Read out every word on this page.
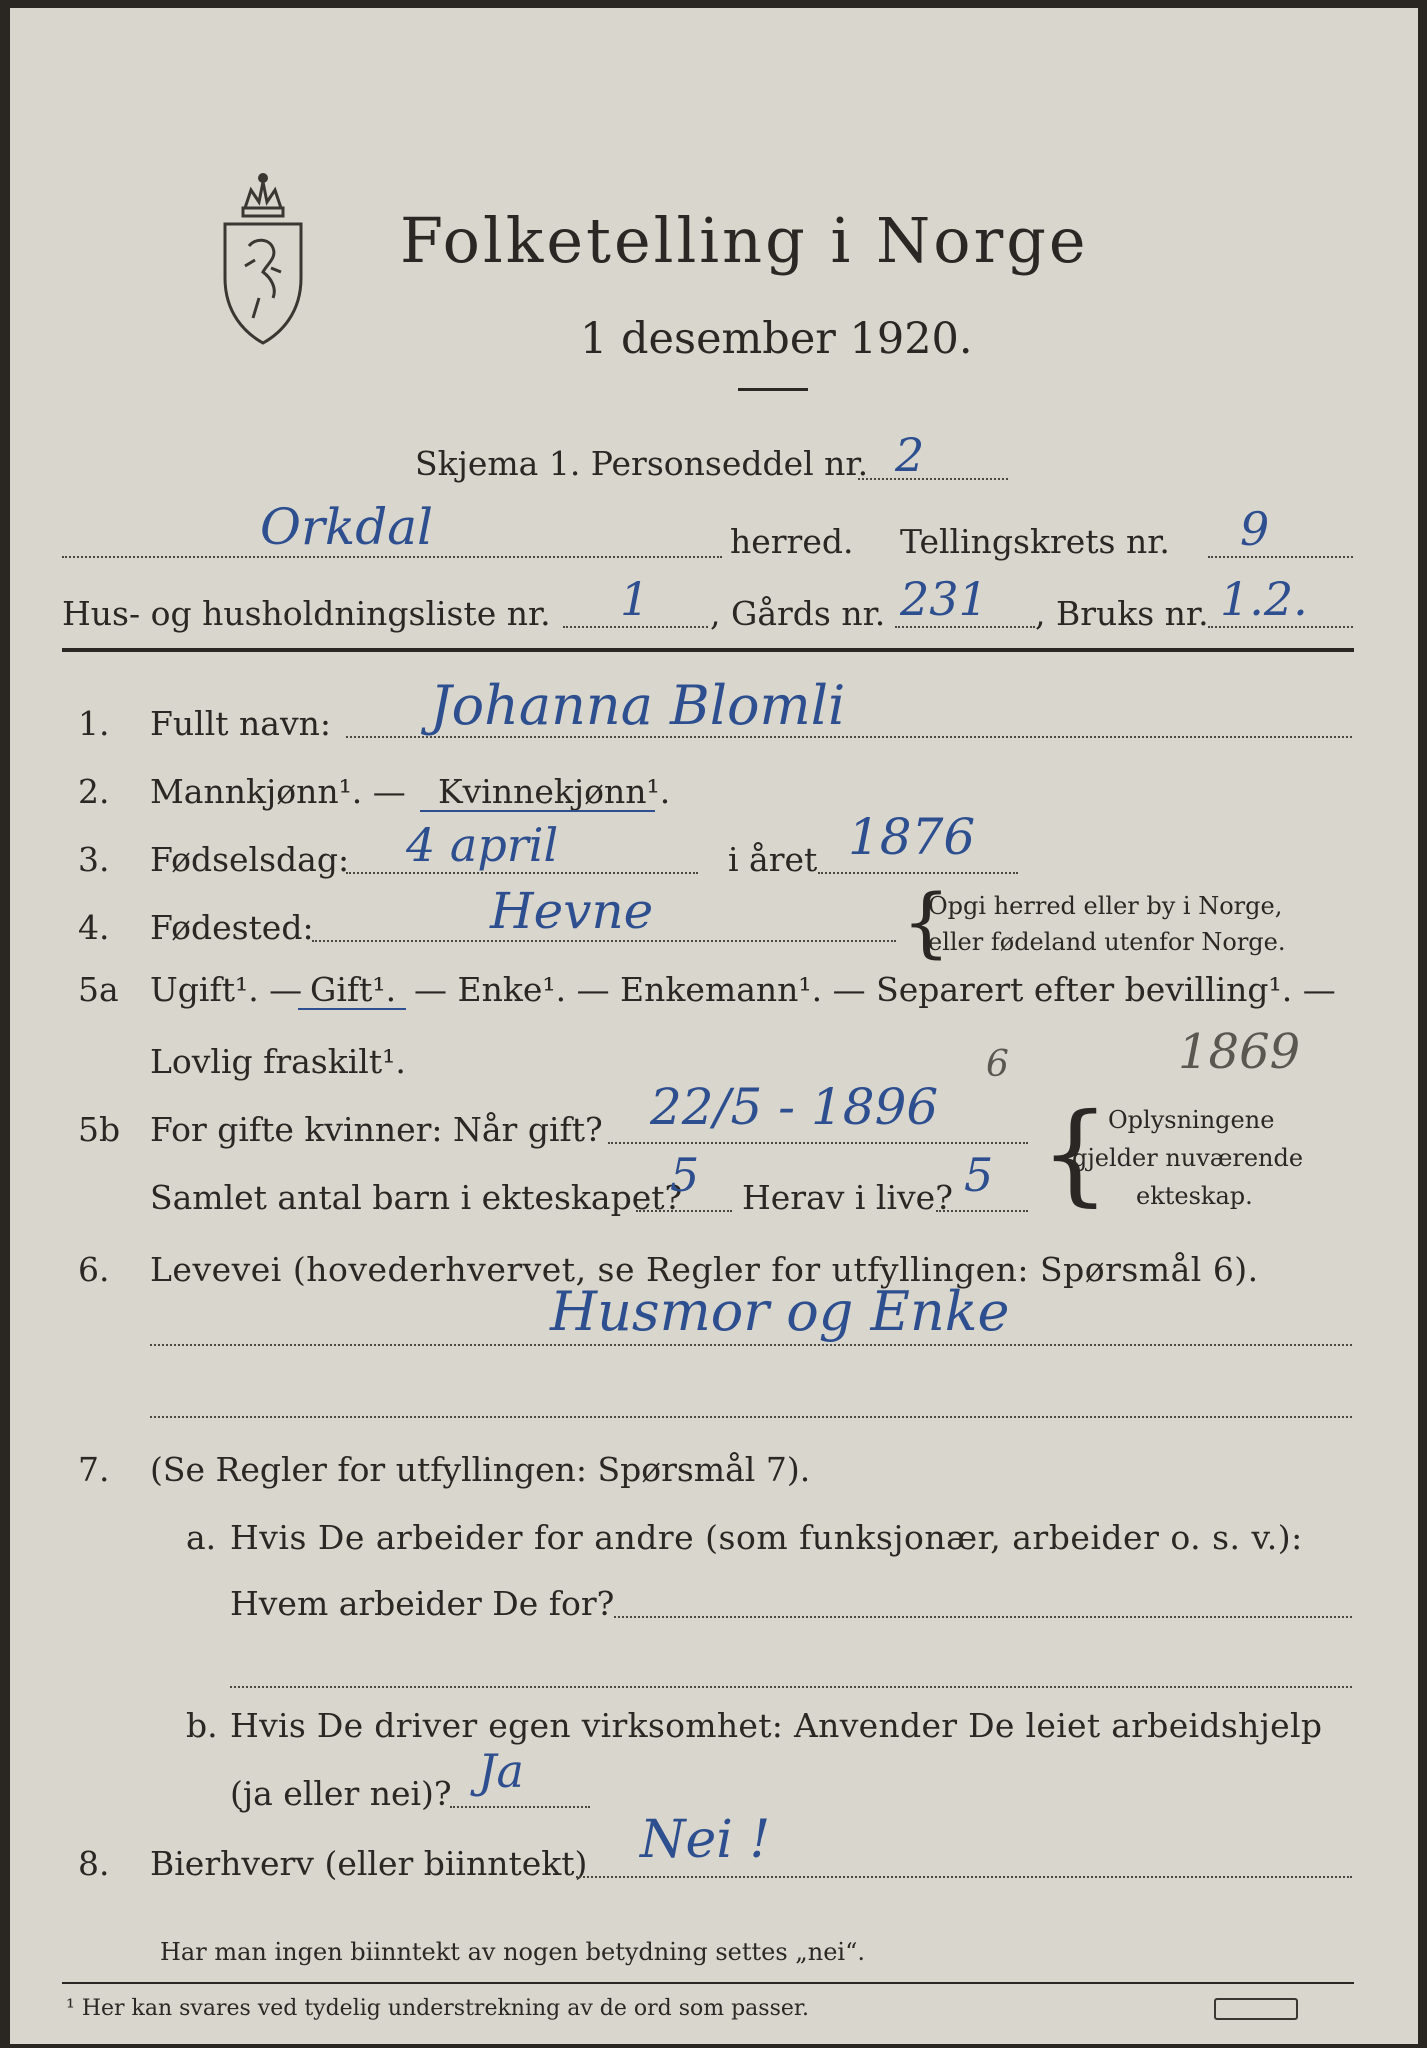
Folketelling i Norge
1 desember 1920.
Skjema 1. Personseddel nr. 2
Orkdal	herred. Tellingskrets nr. 9
Hus- og husholdningsliste nr. 1 , Gårds nr. 231 , Bruks nr. 1.2.
1. Fullt navn: Johanna Blomli
2. Mannkjønn¹. — Kvinnekjønn¹.
3. Fødselsdag: 4 april	i året 1876
4. Fødested:	Hevne	{
Opgi herred eller by i Norge,
eller fødeland utenfor Norge.
5a Ugift¹. — Gift¹. — Enke¹. — Enkemann¹. — Separert efter bevilling¹. —
Lovlig fraskilt¹.	1869
5b For gifte kvinner: Når gift? 22/5 - 1896
6
Samlet antal barn i ekteskapet?
5 Herav i live? 5 {
Oplysningene
gjelder nuværende
ekteskap.
6. Levevei (hovederhvervet, se Regler for utfyllingen: Spørsmål 6).
Husmor og Enke
7. (Se Regler for utfyllingen: Spørsmål 7).
a. Hvis De arbeider for andre (som funksjonær, arbeider o. s. v.):
Hvem arbeider De for?
b. Hvis De driver egen virksomhet: Anvender De leiet arbeidshjelp
(ja eller nei)? Ja
8. Bierhverv (eller biinntekt) Nei !
Har man ingen biinntekt av nogen betydning settes „nei“.
¹ Her kan svares ved tydelig understrekning av de ord som passer.
